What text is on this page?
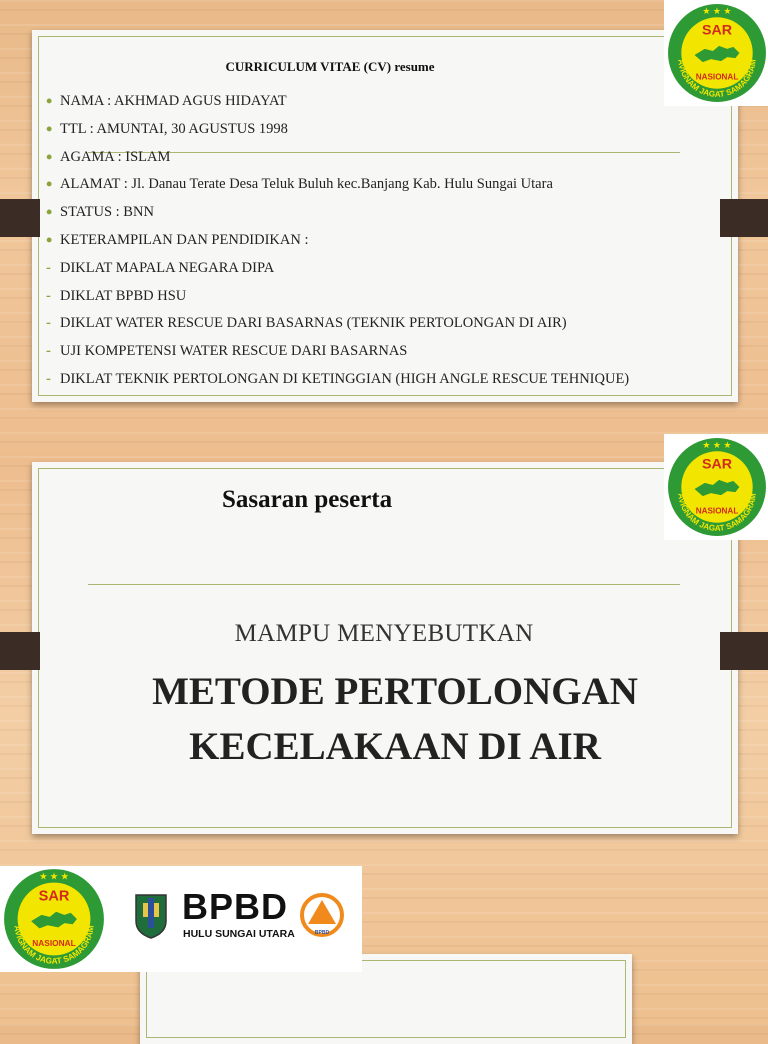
CURRICULUM VITAE (CV) resume
• NAMA : AKHMAD AGUS HIDAYAT
• TTL : AMUNTAI, 30 AGUSTUS 1998
• AGAMA : ISLAM
• ALAMAT : Jl. Danau Terate Desa Teluk Buluh kec.Banjang Kab. Hulu Sungai Utara
• STATUS : BNN
• KETERAMPILAN DAN PENDIDIKAN :
- DIKLAT MAPALA NEGARA DIPA
- DIKLAT BPBD HSU
- DIKLAT WATER RESCUE DARI BASARNAS (TEKNIK PERTOLONGAN DI AIR)
- UJI KOMPETENSI WATER RESCUE DARI BASARNAS
- DIKLAT TEKNIK PERTOLONGAN DI KETINGGIAN (HIGH ANGLE RESCUE TEHNIQUE)
SAR
NASIONAL
AVIGNAM JAGAT SAMAGRAM
★ ★ ★
Sasaran peserta
MAMPU MENYEBUTKAN
METODE PERTOLONGAN
KECELAKAAN DI AIR
SAR
NASIONAL
AVIGNAM JAGAT SAMAGRAM
★ ★ ★
SAR
NASIONAL
AVIGNAM JAGAT SAMAGRAM
★ ★ ★
BPBD
HULU SUNGAI UTARA	BPBD
